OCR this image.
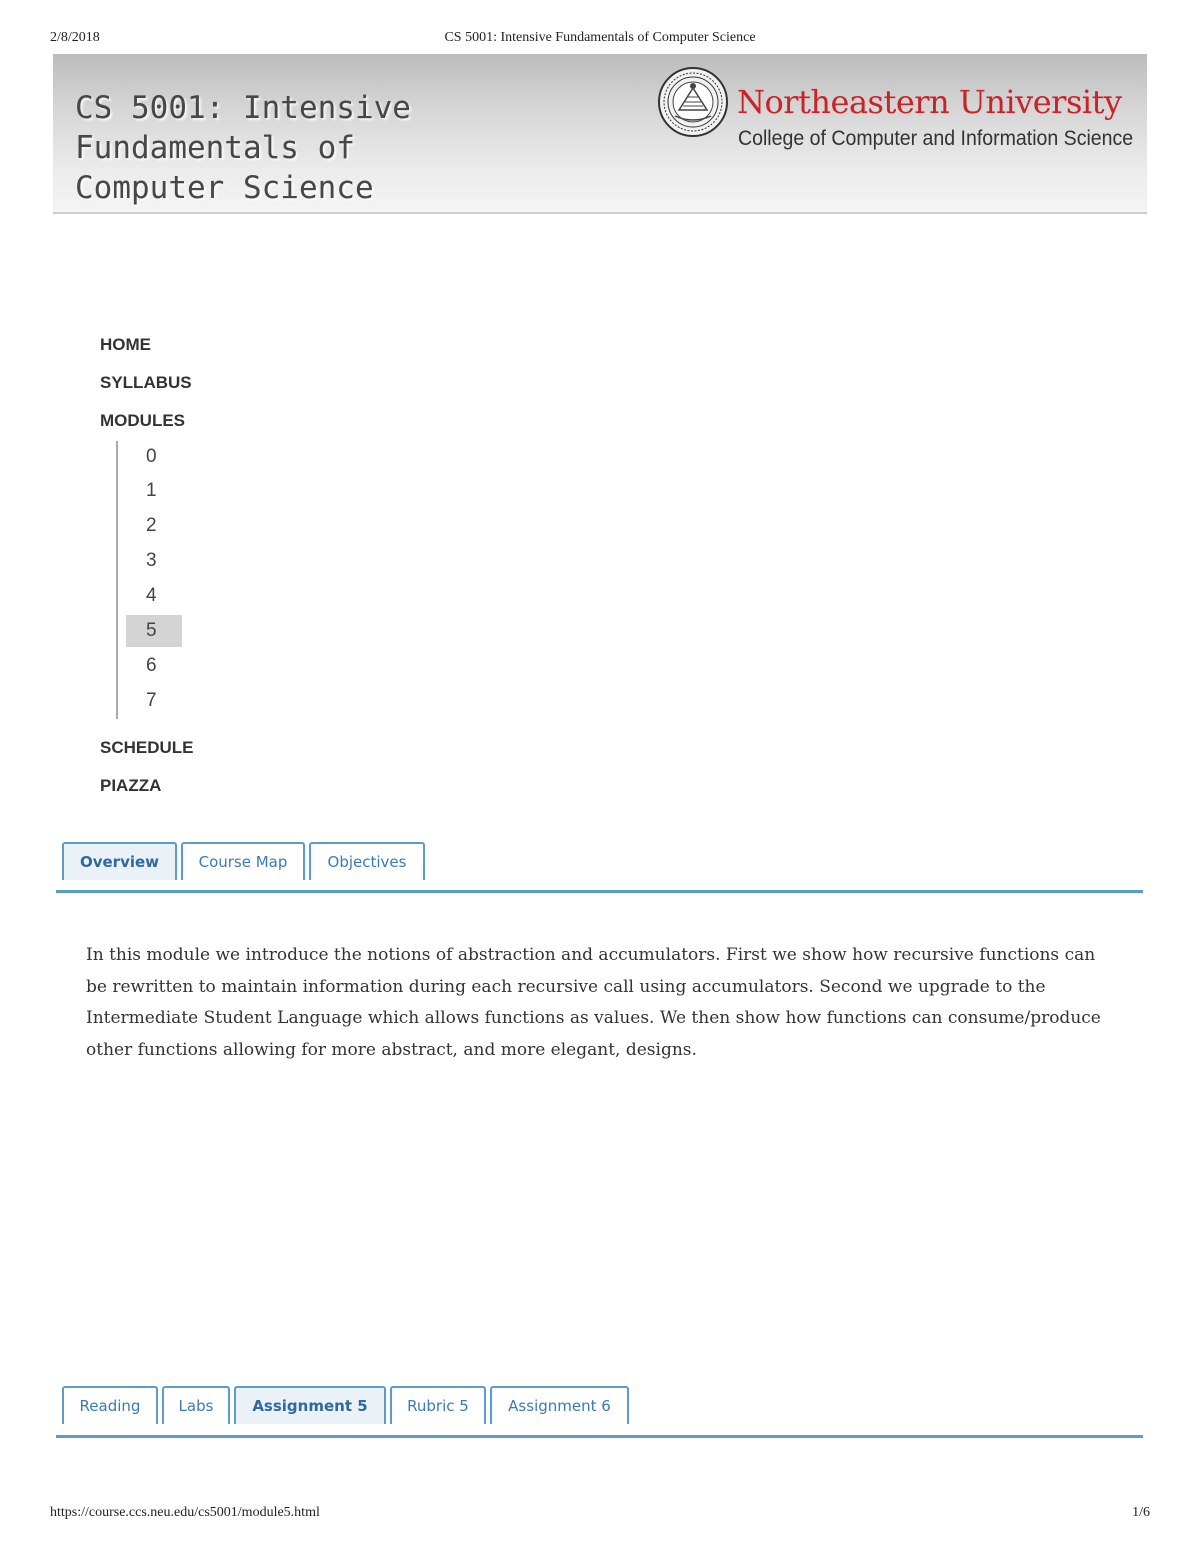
2/8/2018	CS 5001: Intensive Fundamentals of Computer Science
CS 5001: Intensive
Fundamentals of
Computer Science
Northeastern University
College of Computer and Information Science
HOME
SYLLABUS
MODULES
0
1
2
3
4
5
6
7
SCHEDULE
PIAZZA
Overview	Course Map	Objectives

In this module we introduce the notions of abstraction and accumulators. First we show how recursive functions can be rewritten to maintain information during each recursive call using accumulators. Second we upgrade to the Intermediate Student Language which allows functions as values. We then show how functions can consume/produce other functions allowing for more abstract, and more elegant, designs.

Reading	Labs	Assignment 5	Rubric 5	Assignment 6
https://course.ccs.neu.edu/cs5001/module5.html	1/6
